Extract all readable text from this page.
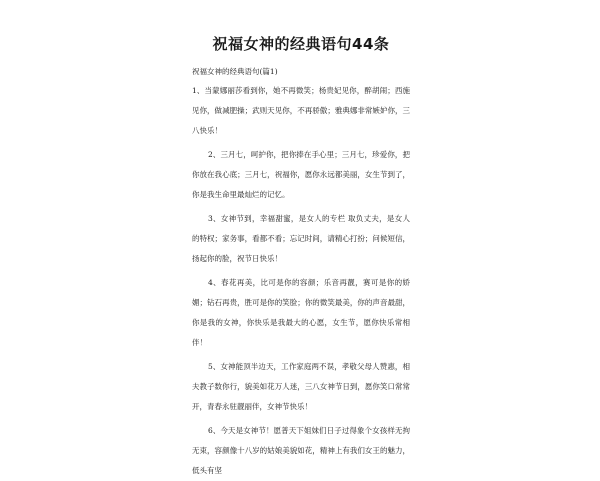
祝福女神的经典语句44条
祝福女神的经典语句(篇1)

1、当蒙娜丽莎看到你，她不再微笑；杨贵妃见你，醉胡闹；西施见你，做减肥操；武则天见你，不再骄傲；雅典娜非常嫉妒你，三八快乐！

2、三月七，呵护你，把你捧在手心里；三月七，珍爱你，把你放在我心底；三月七，祝福你，愿你永远都美丽，女生节到了，你是我生命里最灿烂的记忆。

3、女神节到，幸福甜蜜，是女人的专栏 取负丈夫，是女人的特权；家务事，看都不看；忘记时间，请精心打扮；问候短信，扬起你的脸，祝节日快乐！

4、春花再美，比可是你的容颜；乐音再靓，赛可是你的娇媚；钻石再贵，胜可是你的笑脸；你的微笑最美，你的声音最甜，你是我的女神，你快乐是我最大的心愿，女生节，愿你快乐常相伴！

5、女神能顶半边天，工作家庭两不误，孝敬父母人赞惠，相夫教子数你行，貌美如花万人迷，三八女神节日到，愿你笑口常常开，青春永驻靓丽伴，女神节快乐！

6、今天是女神节！愿普天下姐妹们日子过得象个女孩样无拘无束，容颜像十八岁的姑娘美貌如花，精神上有我们女王的魅力，低头有坚
